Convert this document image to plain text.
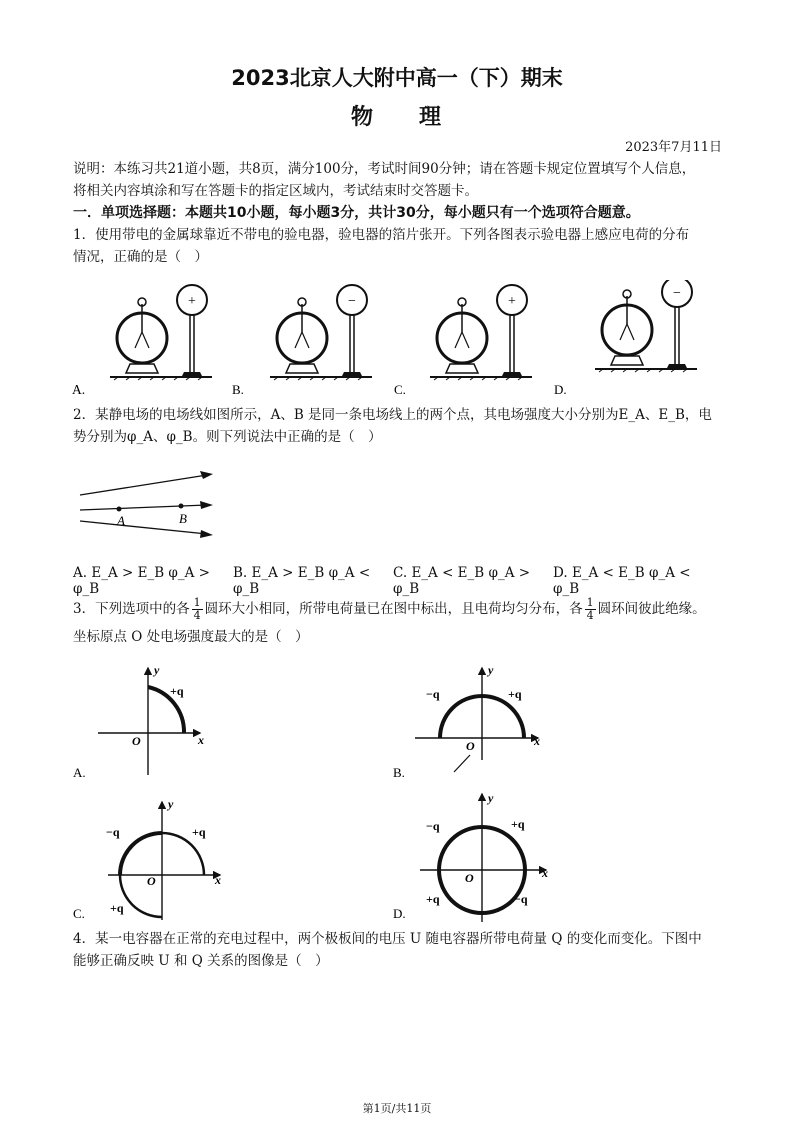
2023北京人大附中高一（下）期末
物 理
2023年7月11日
说明：本练习共21道小题，共8页，满分100分，考试时间90分钟；请在答题卡规定位置填写个人信息，
将相关内容填涂和写在答题卡的指定区域内，考试结束时交答题卡。
一．单项选择题：本题共10小题，每小题3分，共计30分，每小题只有一个选项符合题意。
1．使用带电的金属球靠近不带电的验电器，验电器的箔片张开。下列各图表示验电器上感应电荷的分布
情况，正确的是（　）
+
A.
−
B.
+
C.
−
D.
2．某静电场的电场线如图所示，A、B 是同一条电场线上的两个点，其电场强度大小分别为E_A、E_B，电
势分别为φ_A、φ_B。则下列说法中正确的是（　）
A	B
A. E_A > E_B φ_A > φ_BB. E_A > E_B φ_A < φ_BC. E_A < E_B φ_A > φ_BD. E_A < E_B φ_A < φ_B
3．下列选项中的各 $\frac{1}{4}$ 圆环大小相同，所带电荷量已在图中标出，且电荷均匀分布，各 $\frac{1}{4}$ 圆环间彼此绝缘。
坐标原点 O 处电场强度最大的是（　）
x
y
O
+q
A.
x
y
O
−q	+q
B.
x
y
O
−q	+q
+q
C.
x
y
O
−q	+q
+q	−q
D.
4．某一电容器在正常的充电过程中，两个极板间的电压 U 随电容器所带电荷量 Q 的变化而变化。下图中
能够正确反映 U 和 Q 关系的图像是（　）
第1页/共11页
